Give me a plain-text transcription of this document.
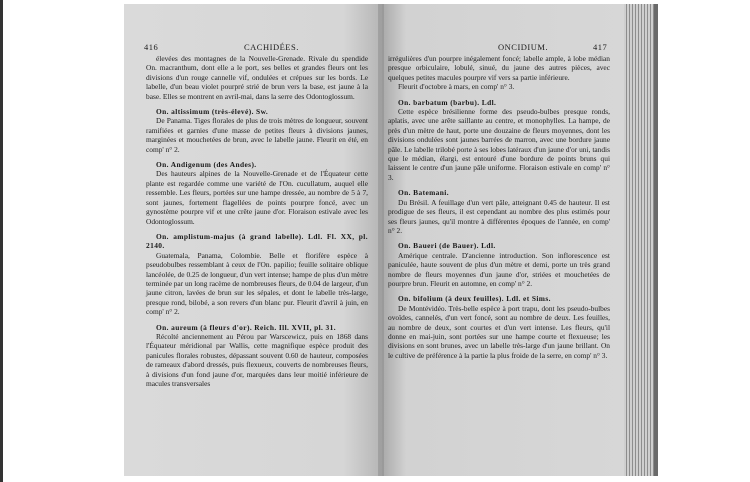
416	CACHIDÉES.

élevées des montagnes de la Nouvelle-Grenade. Rivale du spendide On. macranthum, dont elle a le port, ses belles et grandes fleurs ont les divisions d'un rouge cannelle vif, ondulées et crépues sur les bords. Le labelle, d'un beau violet pourpré strié de brun vers la base, est jaune à la base. Elles se montrent en avril-mai, dans la serre des Odontoglossum.

On. altissimum (très-élevé). Sw.

De Panama. Tiges florales de plus de trois mètres de longueur, souvent ramifiées et garnies d'une masse de petites fleurs à divisions jaunes, marginées et mouchetées de brun, avec le labelle jaune. Fleurit en été, en comp' n° 2.

On. Andigenum (des Andes).

Des hauteurs alpines de la Nouvelle-Grenade et de l'Équateur cette plante est regardée comme une variété de l'On. cucullatum, auquel elle ressemble. Les fleurs, portées sur une hampe dressée, au nombre de 5 à 7, sont jaunes, fortement flagellées de points pourpre foncé, avec un gynostème pourpre vif et une crête jaune d'or. Floraison estivale avec les Odontoglossum.

On. amplistum-majus (à grand labelle). Ldl. Fl. XX, pl. 2140.

Guatemala, Panama, Colombie. Belle et florifère espèce à pseudobulbes ressemblant à ceux de l'On. papilio; feuille solitaire oblique lancéolée, de 0.25 de longueur, d'un vert intense; hampe de plus d'un mètre terminée par un long racème de nombreuses fleurs, de 0.04 de largeur, d'un jaune citron, lavées de brun sur les sépales, et dont le labelle très-large, presque rond, bilobé, a son revers d'un blanc pur. Fleurit d'avril à juin, en comp' n° 2.

On. aureum (à fleurs d'or). Reich. Ill. XVII, pl. 31.

Récolté anciennement au Pérou par Warscewicz, puis en 1868 dans l'Équateur méridional par Wallis, cette magnifique espèce produit des panicules florales robustes, dépassant souvent 0.60 de hauteur, composées de rameaux d'abord dressés, puis flexueux, couverts de nombreuses fleurs, à divisions d'un fond jaune d'or, marquées dans leur moitié inférieure de macules transversales

ONCIDIUM.	417

irrégulières d'un pourpre inégalement foncé; labelle ample, à lobe médian presque orbiculaire, lobulé, sinué, du jaune des autres pièces, avec quelques petites macules pourpre vif vers sa partie inférieure.

Fleurit d'octobre à mars, en comp' n° 3.

On. barbatum (barbu). Ldl.

Cette espèce brésilienne forme des pseudo-bulbes presque ronds, aplatis, avec une arête saillante au centre, et monophylles. La hampe, de près d'un mètre de haut, porte une douzaine de fleurs moyennes, dont les divisions ondulées sont jaunes barrées de marron, avec une bordure jaune pâle. Le labelle trilobé porte à ses lobes latéraux d'un jaune d'or uni, tandis que le médian, élargi, est entouré d'une bordure de points bruns qui laissent le centre d'un jaune pâle uniforme. Floraison estivale en comp' n° 3.

On. Batemani.

Du Brésil. A feuillage d'un vert pâle, atteignant 0.45 de hauteur. Il est prodigue de ses fleurs, il est cependant au nombre des plus estimés pour ses fleurs jaunes, qu'il montre à différentes époques de l'année, en comp' n° 2.

On. Baueri (de Bauer). Ldl.

Amérique centrale. D'ancienne introduction. Son inflorescence est paniculée, haute souvent de plus d'un mètre et demi, porte un très grand nombre de fleurs moyennes d'un jaune d'or, striées et mouchetées de pourpre brun. Fleurit en automne, en comp' n° 2.

On. bifolium (à deux feuilles). Ldl. et Sims.

De Montévidéo. Très-belle espèce à port trapu, dont les pseudo-bulbes ovoïdes, cannelés, d'un vert foncé, sont au nombre de deux. Les feuilles, au nombre de deux, sont courtes et d'un vert intense. Les fleurs, qu'il donne en mai-juin, sont portées sur une hampe courte et flexueuse; les divisions en sont brunes, avec un labelle très-large d'un jaune brillant. On le cultive de préférence à la partie la plus froide de la serre, en comp' n° 3.
